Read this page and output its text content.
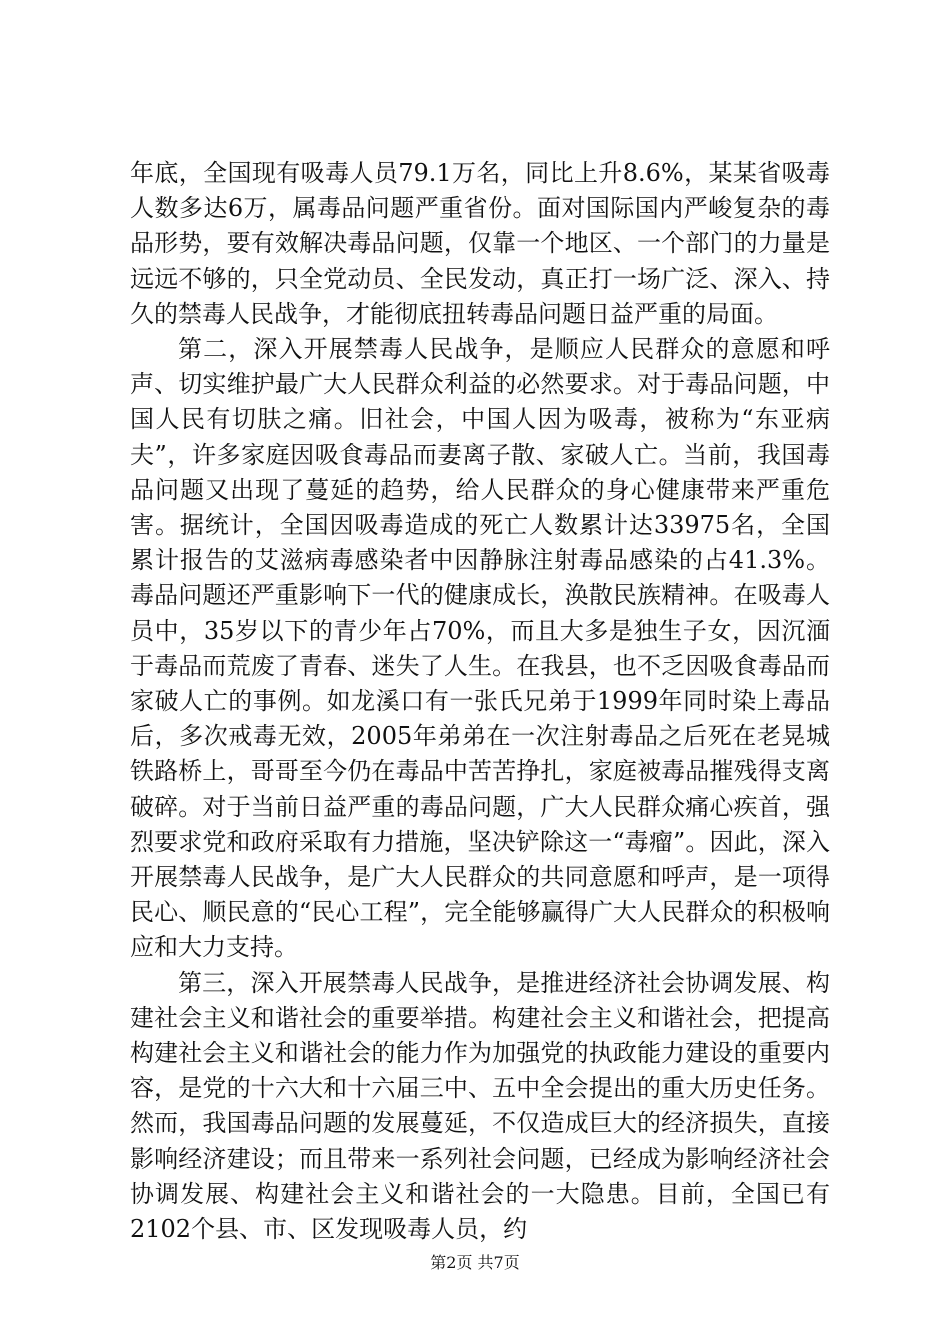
年底，全国现有吸毒人员79.1万名，同比上升8.6%，某某省吸毒人数多达6万，属毒品问题严重省份。面对国际国内严峻复杂的毒品形势，要有效解决毒品问题，仅靠一个地区、一个部门的力量是远远不够的，只全党动员、全民发动，真正打一场广泛、深入、持久的禁毒人民战争，才能彻底扭转毒品问题日益严重的局面。

第二，深入开展禁毒人民战争，是顺应人民群众的意愿和呼声、切实维护最广大人民群众利益的必然要求。对于毒品问题，中国人民有切肤之痛。旧社会，中国人因为吸毒，被称为“东亚病夫”，许多家庭因吸食毒品而妻离子散、家破人亡。当前，我国毒品问题又出现了蔓延的趋势，给人民群众的身心健康带来严重危害。据统计，全国因吸毒造成的死亡人数累计达33975名，全国累计报告的艾滋病毒感染者中因静脉注射毒品感染的占41.3%。毒品问题还严重影响下一代的健康成长，涣散民族精神。在吸毒人员中，35岁以下的青少年占70%，而且大多是独生子女，因沉湎于毒品而荒废了青春、迷失了人生。在我县，也不乏因吸食毒品而家破人亡的事例。如龙溪口有一张氏兄弟于1999年同时染上毒品后，多次戒毒无效，2005年弟弟在一次注射毒品之后死在老晃城铁路桥上，哥哥至今仍在毒品中苦苦挣扎，家庭被毒品摧残得支离破碎。对于当前日益严重的毒品问题，广大人民群众痛心疾首，强烈要求党和政府采取有力措施，坚决铲除这一“毒瘤”。因此，深入开展禁毒人民战争，是广大人民群众的共同意愿和呼声，是一项得民心、顺民意的“民心工程”，完全能够赢得广大人民群众的积极响应和大力支持。

第三，深入开展禁毒人民战争，是推进经济社会协调发展、构建社会主义和谐社会的重要举措。构建社会主义和谐社会，把提高构建社会主义和谐社会的能力作为加强党的执政能力建设的重要内容，是党的十六大和十六届三中、五中全会提出的重大历史任务。然而，我国毒品问题的发展蔓延，不仅造成巨大的经济损失，直接影响经济建设；而且带来一系列社会问题，已经成为影响经济社会协调发展、构建社会主义和谐社会的一大隐患。目前，全国已有2102个县、市、区发现吸毒人员，约

第2页 共7页
